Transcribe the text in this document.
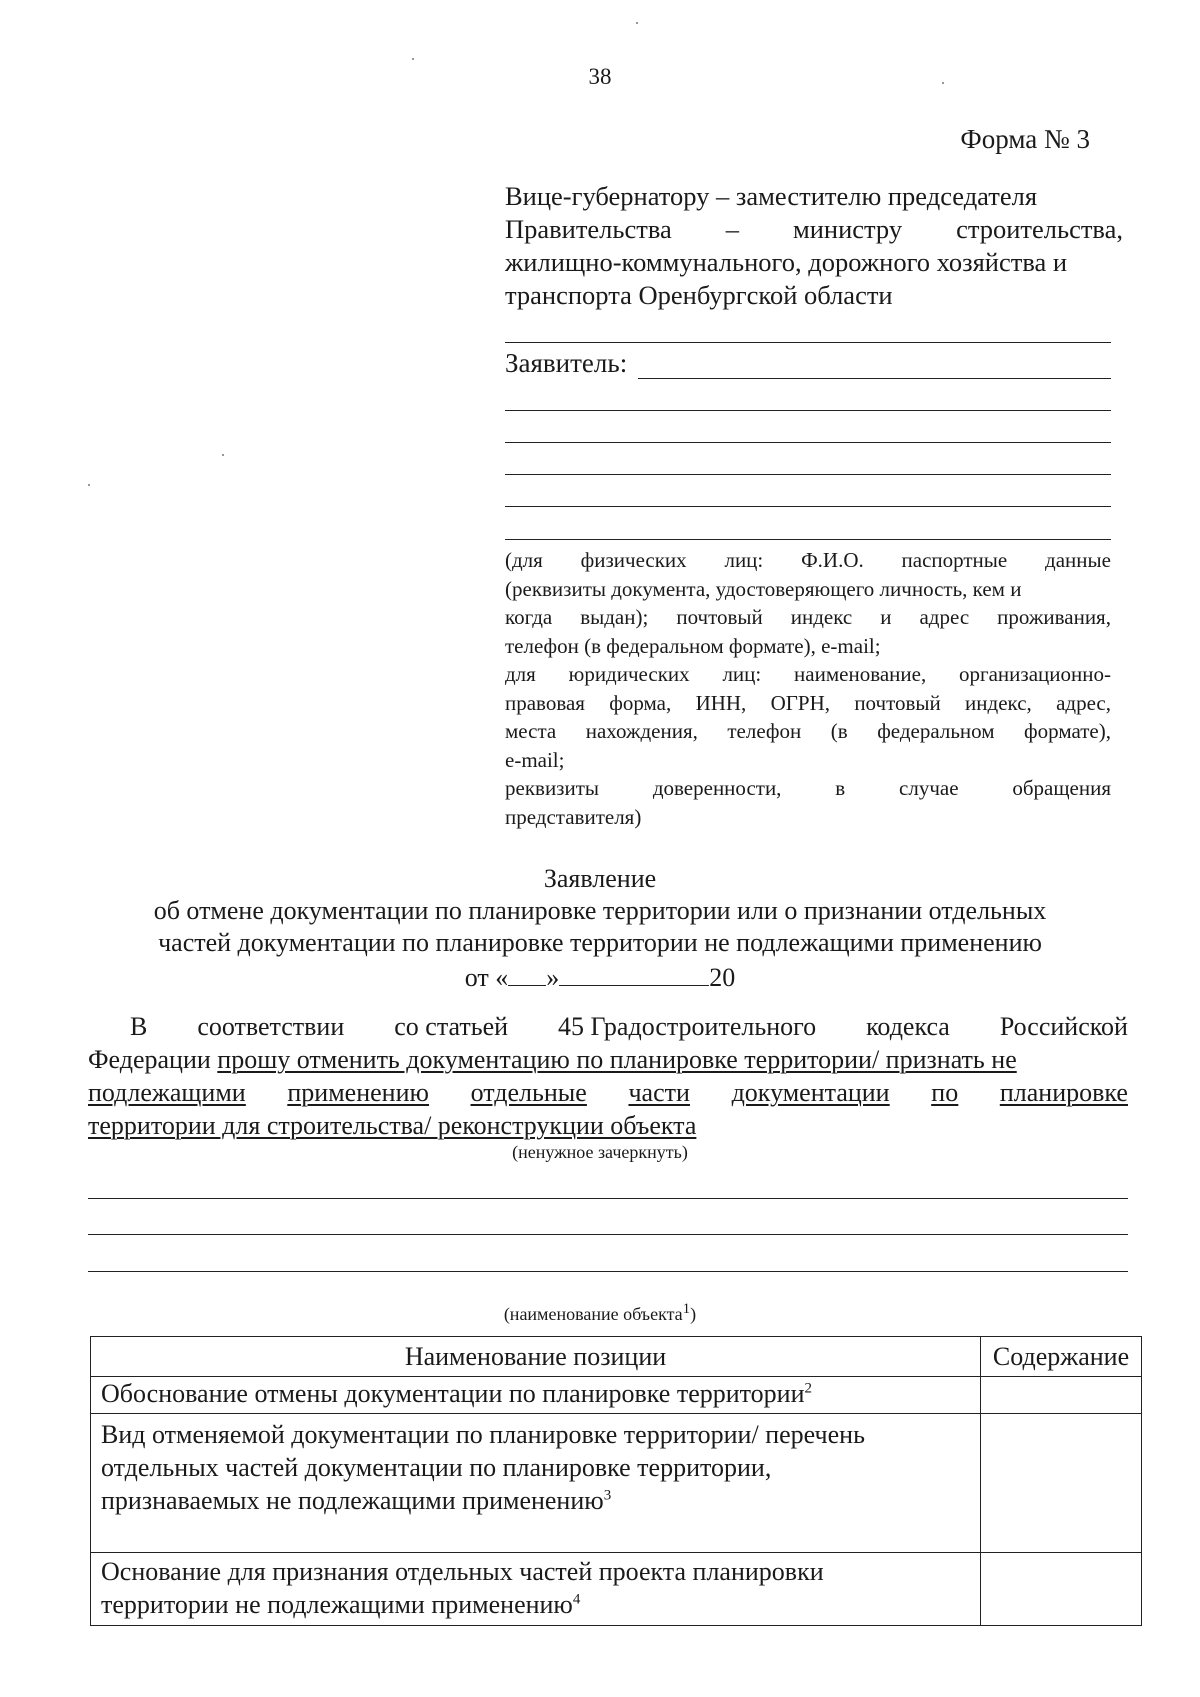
38
Форма № 3
Вице-губернатору – заместителю председателя
Правительства – министру строительства,
жилищно-коммунального, дорожного хозяйства и
транспорта Оренбургской области
Заявитель:
(для физических лиц: Ф.И.О. паспортные данные
(реквизиты документа, удостоверяющего личность, кем и
когда выдан); почтовый индекс и адрес проживания,
телефон (в федеральном формате), e-mail;
для юридических лиц: наименование, организационно-
правовая форма, ИНН, ОГРН, почтовый индекс, адрес,
места нахождения, телефон (в федеральном формате),
e-mail;
реквизиты	доверенности,	в	случае	обращения
представителя)
Заявление
об отмене документации по планировке территории или о признании отдельных
частей документации по планировке территории не подлежащими применению
от « »	20
В соответствии со статьей 45 Градостроительного кодекса Российской
Федерации прошу отменить документацию по планировке территории/ признать не
подлежащими применению отдельные части документации по планировке
территории для строительства/ реконструкции объекта
(ненужное зачеркнуть)
(наименование объекта$^1$)
Наименование позиции	Содержание

Обоснование отмены документации по планировке территории$^2$

Вид отменяемой документации по планировке территории/ перечень
отдельных частей документации по планировке территории,
признаваемых не подлежащими применению$^3$

Основание для признания отдельных частей проекта планировки
территории не подлежащими применению$^4$
